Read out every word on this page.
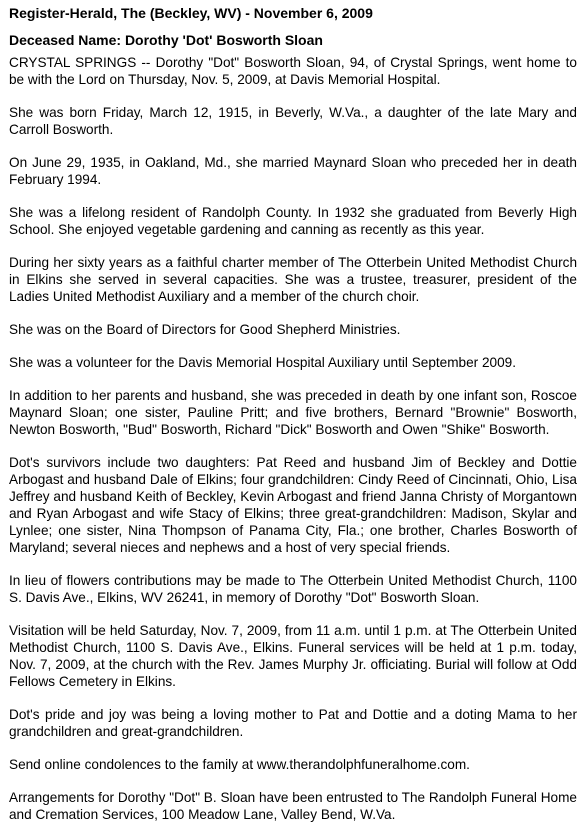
Register-Herald, The (Beckley, WV) - November 6, 2009

Deceased Name: Dorothy 'Dot' Bosworth Sloan

CRYSTAL SPRINGS -- Dorothy "Dot" Bosworth Sloan, 94, of Crystal Springs, went home to be with the Lord on Thursday, Nov. 5, 2009, at Davis Memorial Hospital.

She was born Friday, March 12, 1915, in Beverly, W.Va., a daughter of the late Mary and Carroll Bosworth.

On June 29, 1935, in Oakland, Md., she married Maynard Sloan who preceded her in death February 1994.

She was a lifelong resident of Randolph County. In 1932 she graduated from Beverly High School. She enjoyed vegetable gardening and canning as recently as this year.

During her sixty years as a faithful charter member of The Otterbein United Methodist Church in Elkins she served in several capacities. She was a trustee, treasurer, president of the Ladies United Methodist Auxiliary and a member of the church choir.

She was on the Board of Directors for Good Shepherd Ministries.

She was a volunteer for the Davis Memorial Hospital Auxiliary until September 2009.

In addition to her parents and husband, she was preceded in death by one infant son, Roscoe Maynard Sloan; one sister, Pauline Pritt; and five brothers, Bernard "Brownie" Bosworth, Newton Bosworth, "Bud" Bosworth, Richard "Dick" Bosworth and Owen "Shike" Bosworth.

Dot's survivors include two daughters: Pat Reed and husband Jim of Beckley and Dottie Arbogast and husband Dale of Elkins; four grandchildren: Cindy Reed of Cincinnati, Ohio, Lisa Jeffrey and husband Keith of Beckley, Kevin Arbogast and friend Janna Christy of Morgantown and Ryan Arbogast and wife Stacy of Elkins; three great-grandchildren: Madison, Skylar and Lynlee; one sister, Nina Thompson of Panama City, Fla.; one brother, Charles Bosworth of Maryland; several nieces and nephews and a host of very special friends.

In lieu of flowers contributions may be made to The Otterbein United Methodist Church, 1100 S. Davis Ave., Elkins, WV 26241, in memory of Dorothy "Dot" Bosworth Sloan.

Visitation will be held Saturday, Nov. 7, 2009, from 11 a.m. until 1 p.m. at The Otterbein United Methodist Church, 1100 S. Davis Ave., Elkins. Funeral services will be held at 1 p.m. today, Nov. 7, 2009, at the church with the Rev. James Murphy Jr. officiating. Burial will follow at Odd Fellows Cemetery in Elkins.

Dot's pride and joy was being a loving mother to Pat and Dottie and a doting Mama to her grandchildren and great-grandchildren.

Send online condolences to the family at www.therandolphfuneralhome.com.

Arrangements for Dorothy "Dot" B. Sloan have been entrusted to The Randolph Funeral Home and Cremation Services, 100 Meadow Lane, Valley Bend, W.Va.
